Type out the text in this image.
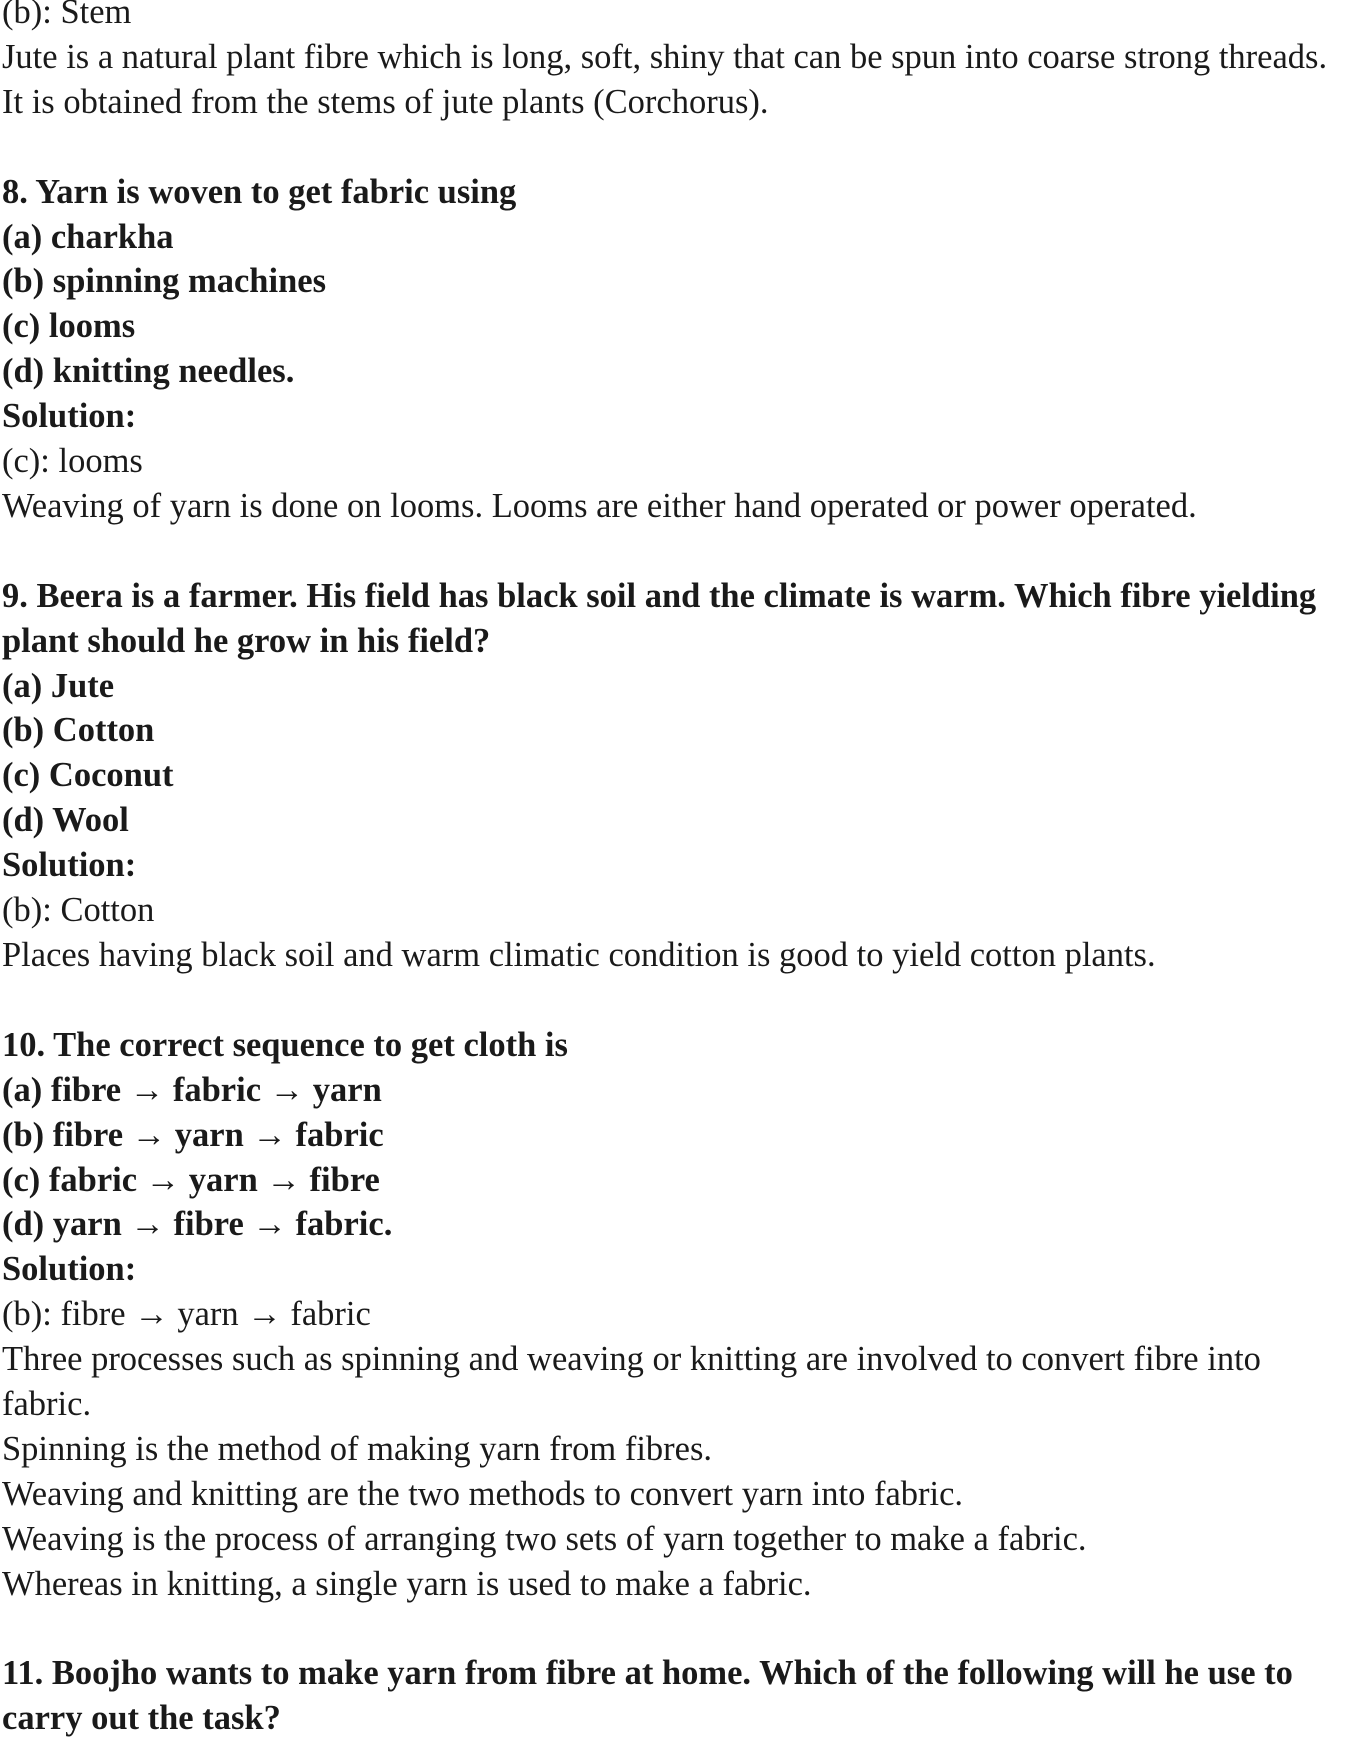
(b): Stem
Jute is a natural plant fibre which is long, soft, shiny that can be spun into coarse strong threads. It is obtained from the stems of jute plants (Corchorus).
8. Yarn is woven to get fabric using
(a) charkha
(b) spinning machines
(c) looms
(d) knitting needles.
Solution:
(c): looms
Weaving of yarn is done on looms. Looms are either hand operated or power operated.
9. Beera is a farmer. His field has black soil and the climate is warm. Which fibre yielding plant should he grow in his field?
(a) Jute
(b) Cotton
(c) Coconut
(d) Wool
Solution:
(b): Cotton
Places having black soil and warm climatic condition is good to yield cotton plants.
10. The correct sequence to get cloth is
(a) fibre → fabric → yarn
(b) fibre → yarn → fabric
(c) fabric → yarn → fibre
(d) yarn → fibre → fabric.
Solution:
(b): fibre → yarn → fabric
Three processes such as spinning and weaving or knitting are involved to convert fibre into fabric.
Spinning is the method of making yarn from fibres.
Weaving and knitting are the two methods to convert yarn into fabric.
Weaving is the process of arranging two sets of yarn together to make a fabric.
Whereas in knitting, a single yarn is used to make a fabric.
11. Boojho wants to make yarn from fibre at home. Which of the following will he use to carry out the task?
